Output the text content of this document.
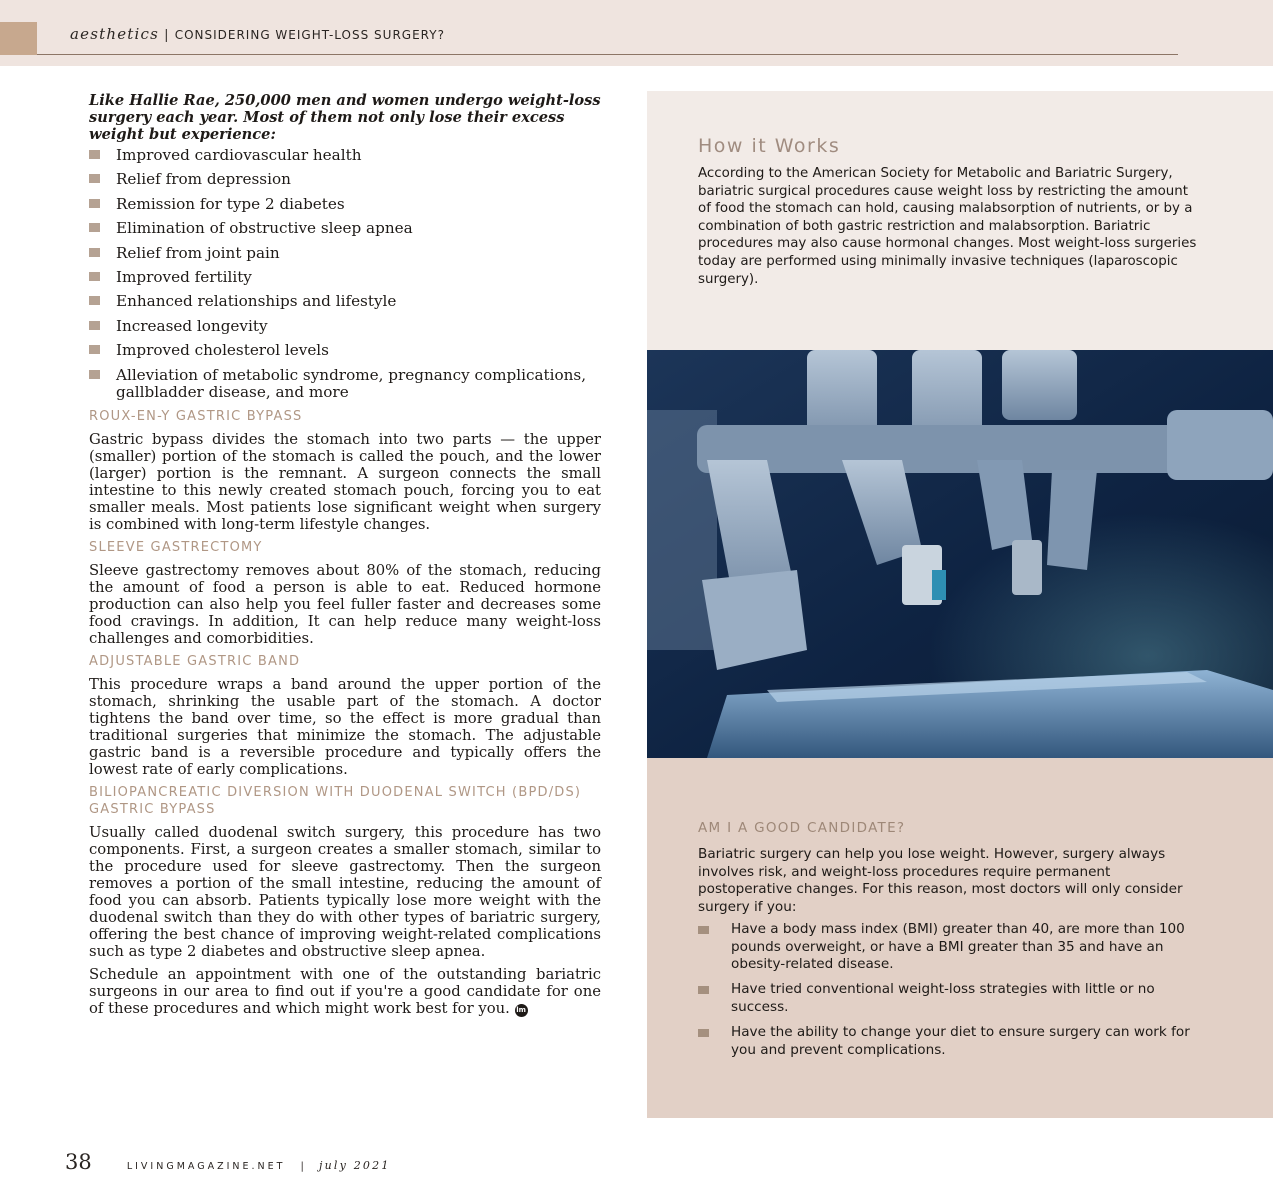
aesthetics | CONSIDERING WEIGHT-LOSS SURGERY?

Like Hallie Rae, 250,000 men and women undergo weight-loss surgery each year. Most of them not only lose their excess weight but experience:

Improved cardiovascular health
Relief from depression
Remission for type 2 diabetes
Elimination of obstructive sleep apnea
Relief from joint pain
Improved fertility
Enhanced relationships and lifestyle
Increased longevity
Improved cholesterol levels
Alleviation of metabolic syndrome, pregnancy complications, gallbladder disease, and more
ROUX-EN-Y GASTRIC BYPASS

Gastric bypass divides the stomach into two parts — the upper (smaller) portion of the stomach is called the pouch, and the lower (larger) portion is the remnant. A surgeon connects the small intestine to this newly created stomach pouch, forcing you to eat smaller meals. Most patients lose significant weight when surgery is combined with long-term lifestyle changes.

SLEEVE GASTRECTOMY

Sleeve gastrectomy removes about 80% of the stomach, reducing the amount of food a person is able to eat. Reduced hormone production can also help you feel fuller faster and decreases some food cravings. In addition, It can help reduce many weight-loss challenges and comorbidities.

ADJUSTABLE GASTRIC BAND

This procedure wraps a band around the upper portion of the stomach, shrinking the usable part of the stomach. A doctor tightens the band over time, so the effect is more gradual than traditional surgeries that minimize the stomach. The adjustable gastric band is a reversible procedure and typically offers the lowest rate of early complications.

BILIOPANCREATIC DIVERSION WITH DUODENAL SWITCH (BPD/DS) GASTRIC BYPASS

Usually called duodenal switch surgery, this procedure has two components. First, a surgeon creates a smaller stomach, similar to the procedure used for sleeve gastrectomy. Then the surgeon removes a portion of the small intestine, reducing the amount of food you can absorb. Patients typically lose more weight with the duodenal switch than they do with other types of bariatric surgery, offering the best chance of improving weight-related complications such as type 2 diabetes and obstructive sleep apnea.

Schedule an appointment with one of the outstanding bariatric surgeons in our area to find out if you're a good candidate for one of these procedures and which might work best for you. lm

38	LIVINGMAGAZINE.NET | july 2021
How it Works

According to the American Society for Metabolic and Bariatric Surgery, bariatric surgical procedures cause weight loss by restricting the amount of food the stomach can hold, causing malabsorption of nutrients, or by a combination of both gastric restriction and malabsorption. Bariatric procedures may also cause hormonal changes. Most weight-loss surgeries today are performed using minimally invasive techniques (laparoscopic surgery).

AM I A GOOD CANDIDATE?

Bariatric surgery can help you lose weight. However, surgery always involves risk, and weight-loss procedures require permanent postoperative changes. For this reason, most doctors will only consider surgery if you:

Have a body mass index (BMI) greater than 40, are more than 100 pounds overweight, or have a BMI greater than 35 and have an obesity-related disease.
Have tried conventional weight-loss strategies with little or no success.
Have the ability to change your diet to ensure surgery can work for you and prevent complications.
